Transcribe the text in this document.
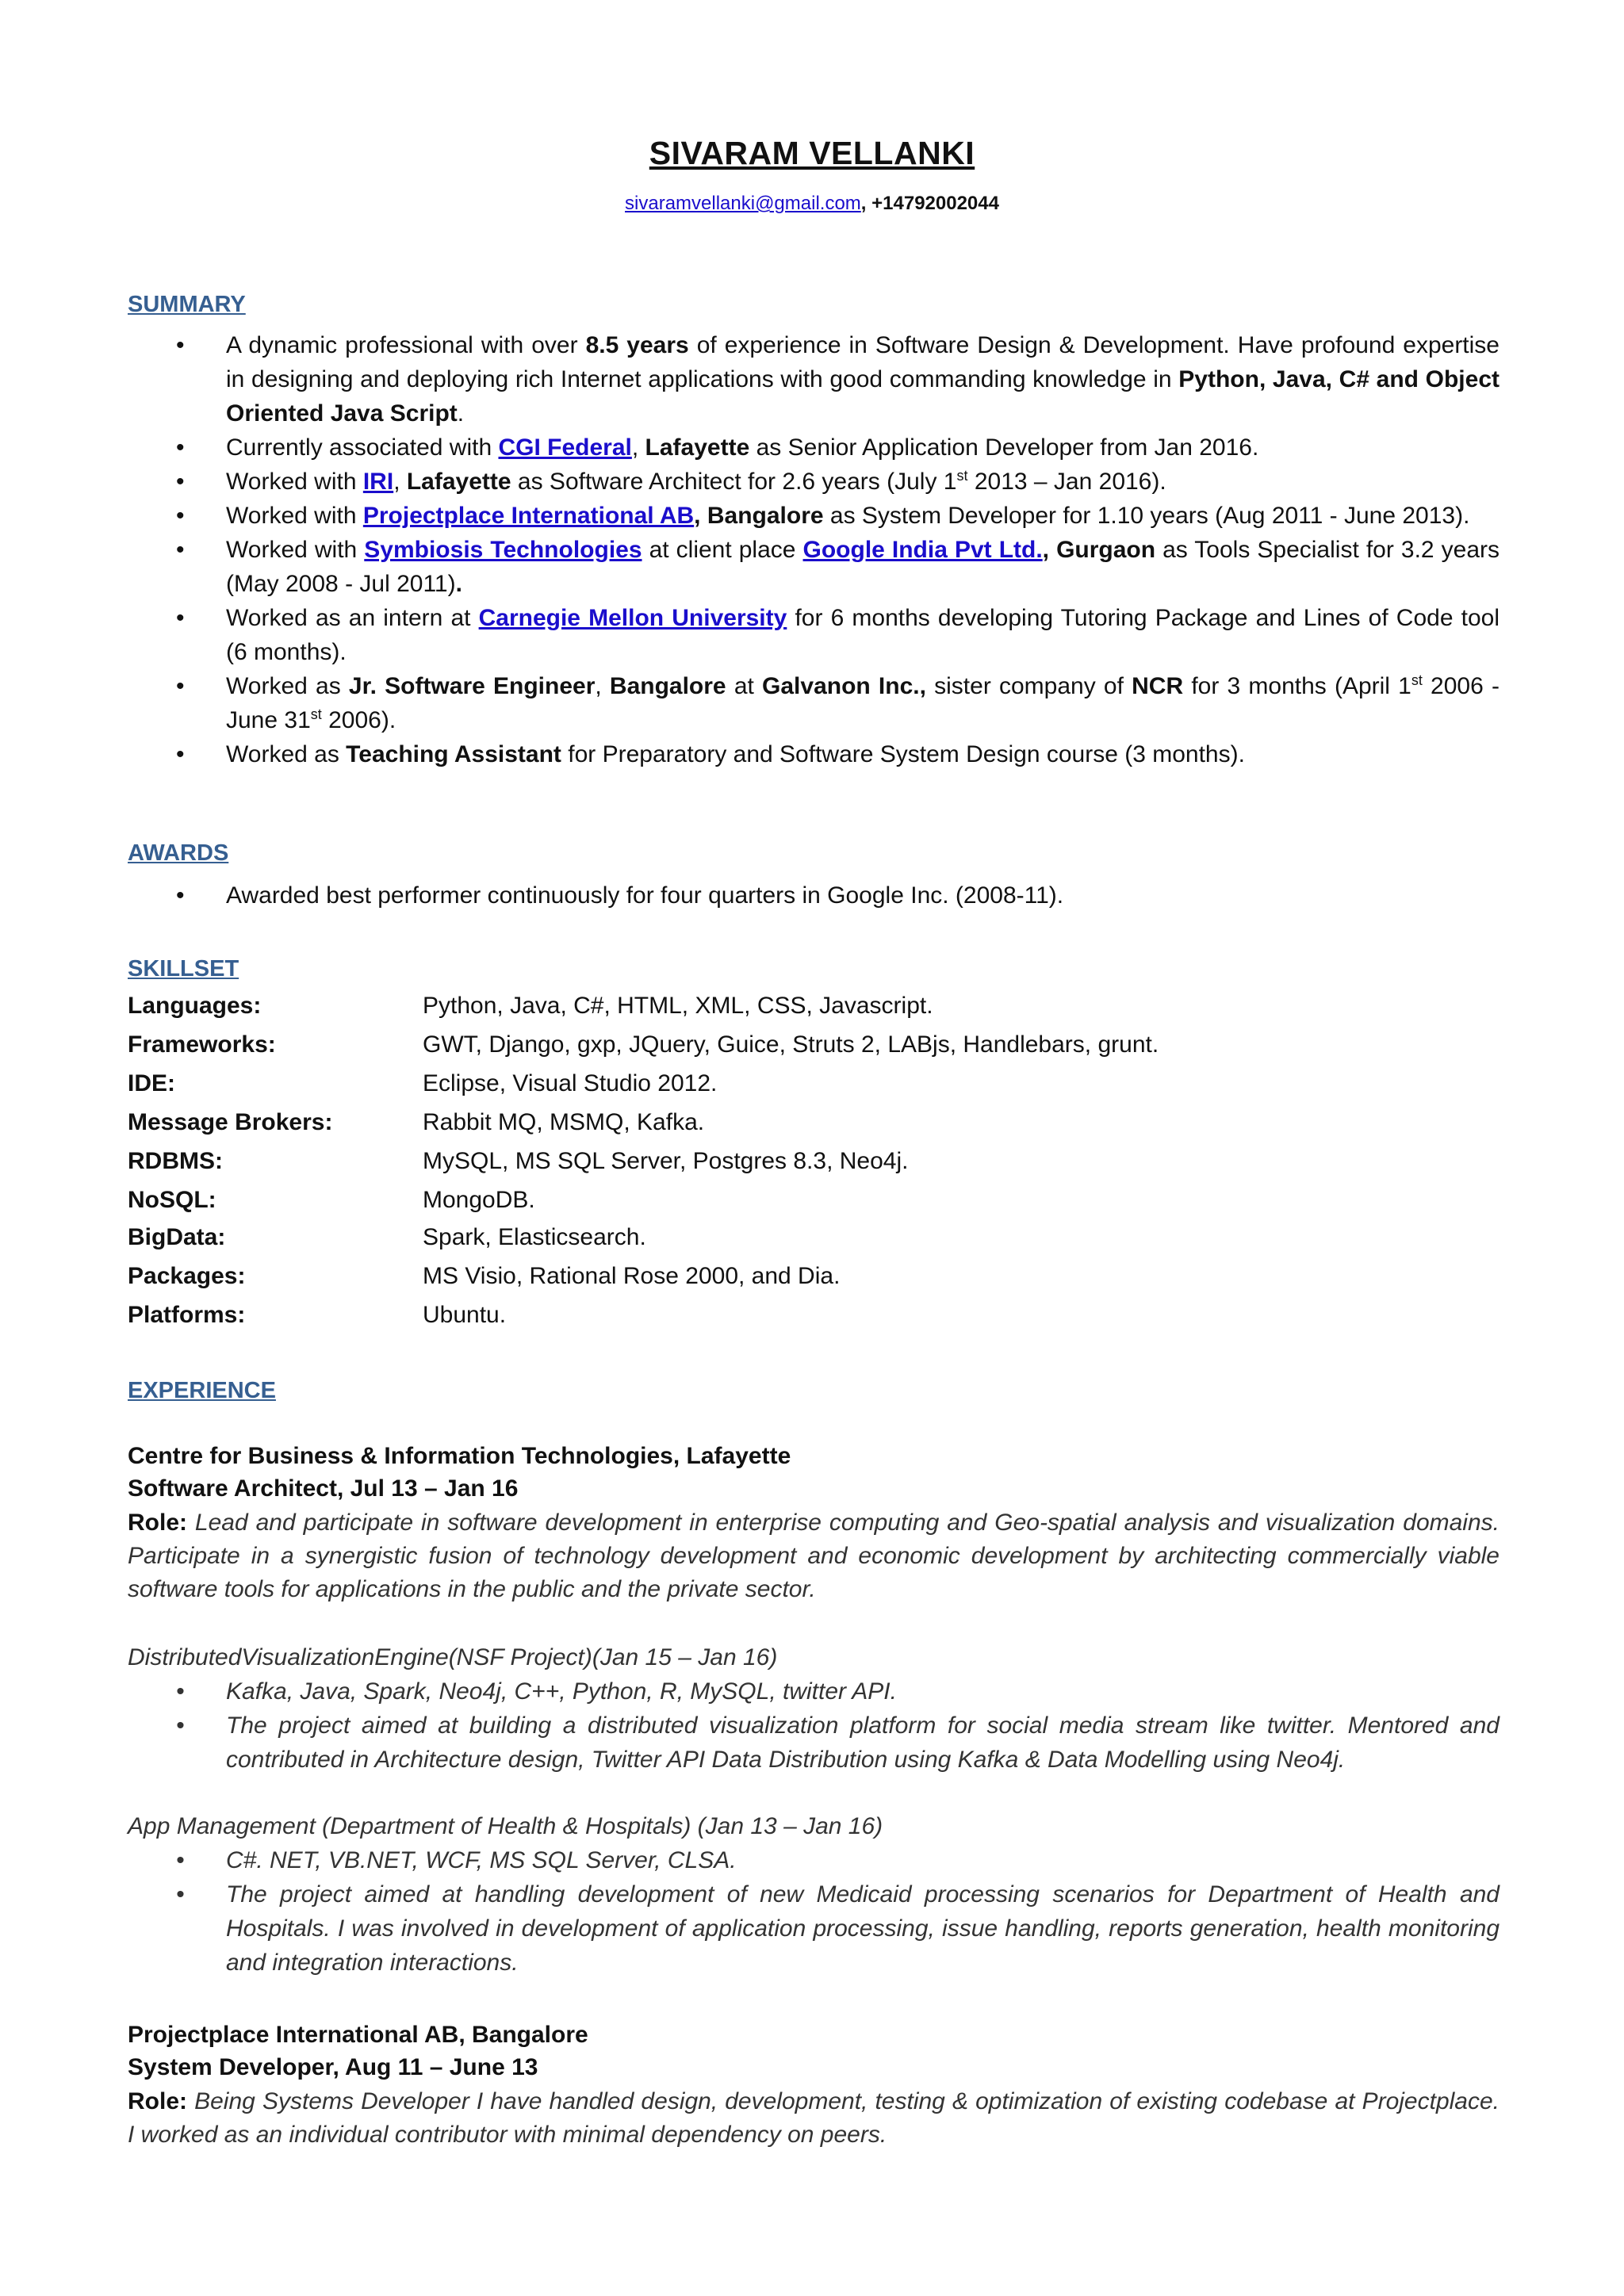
SIVARAM VELLANKI
sivaramvellanki@gmail.com, +14792002044
SUMMARY

• A dynamic professional with over 8.5 years of experience in Software Design & Development. Have profound expertise in designing and deploying rich Internet applications with good commanding knowledge in Python, Java, C# and Object Oriented Java Script.

• Currently associated with CGI Federal, Lafayette as Senior Application Developer from Jan 2016.

• Worked with IRI, Lafayette as Software Architect for 2.6 years (July 1st 2013 – Jan 2016).

• Worked with Projectplace International AB, Bangalore as System Developer for 1.10 years (Aug 2011 - June 2013).

• Worked with Symbiosis Technologies at client place Google India Pvt Ltd., Gurgaon as Tools Specialist for 3.2 years (May 2008 - Jul 2011).

• Worked as an intern at Carnegie Mellon University for 6 months developing Tutoring Package and Lines of Code tool (6 months).

• Worked as Jr. Software Engineer, Bangalore at Galvanon Inc., sister company of NCR for 3 months (April 1st 2006 - June 31st 2006).

• Worked as Teaching Assistant for Preparatory and Software System Design course (3 months).

AWARDS

• Awarded best performer continuously for four quarters in Google Inc. (2008-11).

SKILLSET
Languages:	Python, Java, C#, HTML, XML, CSS, Javascript.
Frameworks:	GWT, Django, gxp, JQuery, Guice, Struts 2, LABjs, Handlebars, grunt.
IDE:	Eclipse, Visual Studio 2012.
Message Brokers:	Rabbit MQ, MSMQ, Kafka.
RDBMS:	MySQL, MS SQL Server, Postgres 8.3, Neo4j.
NoSQL:	MongoDB.
BigData:	Spark, Elasticsearch.
Packages:	MS Visio, Rational Rose 2000, and Dia.
Platforms:	Ubuntu.
EXPERIENCE
Centre for Business & Information Technologies, Lafayette
Software Architect, Jul 13 – Jan 16
Role: Lead and participate in software development in enterprise computing and Geo-spatial analysis and visualization domains. Participate in a synergistic fusion of technology development and economic development by architecting commercially viable software tools for applications in the public and the private sector.
DistributedVisualizationEngine(NSF Project)(Jan 15 – Jan 16)

• Kafka, Java, Spark, Neo4j, C++, Python, R, MySQL, twitter API.

• The project aimed at building a distributed visualization platform for social media stream like twitter. Mentored and contributed in Architecture design, Twitter API Data Distribution using Kafka & Data Modelling using Neo4j.

App Management (Department of Health & Hospitals) (Jan 13 – Jan 16)

• C#. NET, VB.NET, WCF, MS SQL Server, CLSA.

• The project aimed at handling development of new Medicaid processing scenarios for Department of Health and Hospitals. I was involved in development of application processing, issue handling, reports generation, health monitoring and integration interactions.

Projectplace International AB, Bangalore
System Developer, Aug 11 – June 13
Role: Being Systems Developer I have handled design, development, testing & optimization of existing codebase at Projectplace. I worked as an individual contributor with minimal dependency on peers.
